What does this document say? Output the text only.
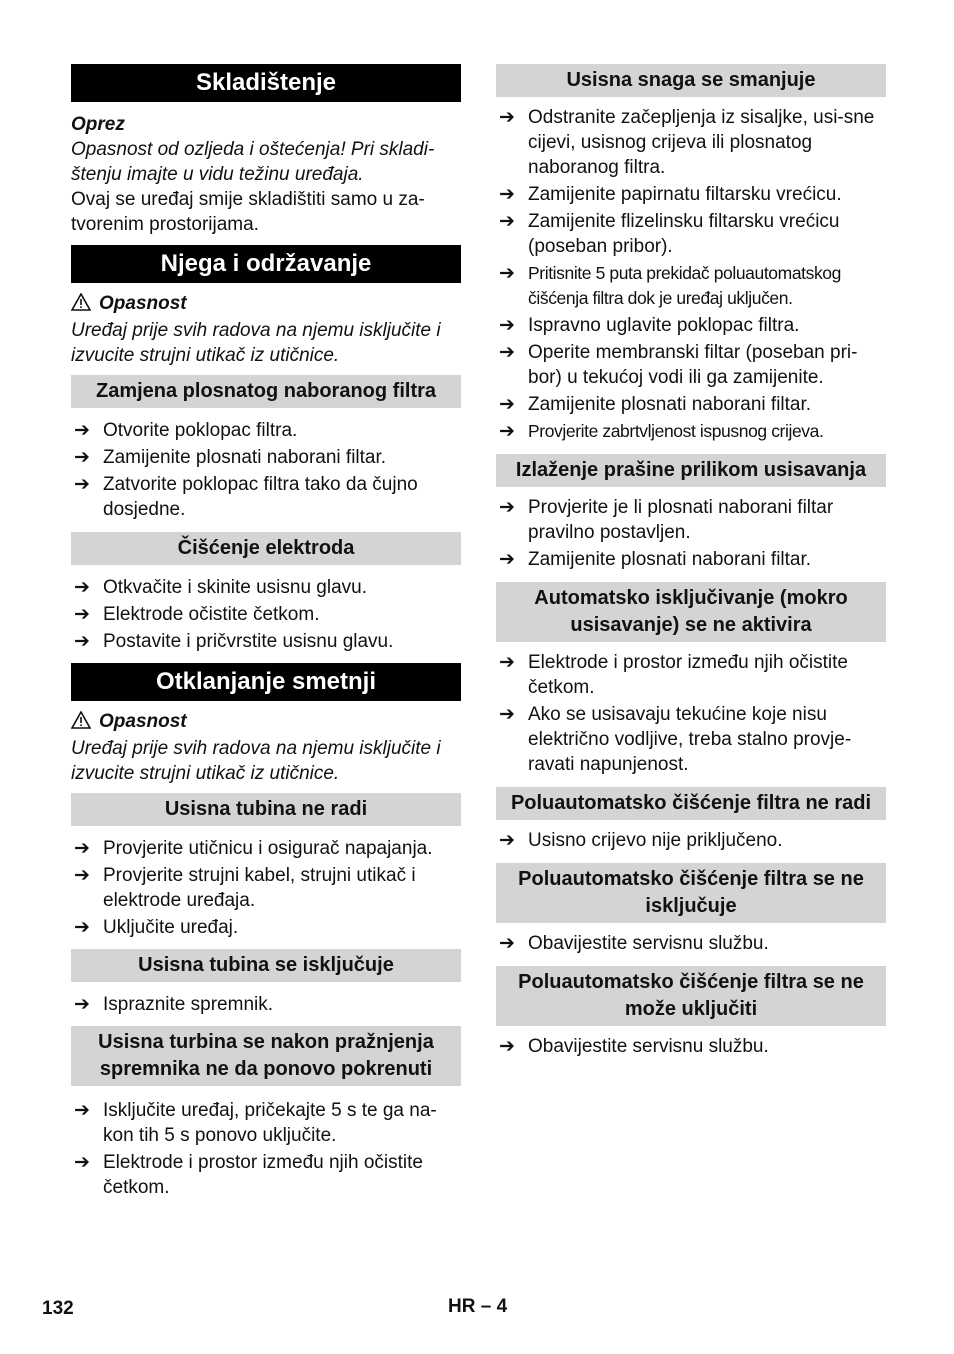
Skladištenje

Oprez

Opasnost od ozljeda i oštećenja! Pri skladi-štenju imajte u vidu težinu uređaja.

Ovaj se uređaj smije skladištiti samo u za-tvorenim prostorijama.

Njega i održavanje

Opasnost

Uređaj prije svih radova na njemu isključite i izvucite strujni utikač iz utičnice.

Zamjena plosnatog naboranog filtra
➔ Otvorite poklopac filtra.
➔ Zamijenite plosnati naborani filtar.
➔ Zatvorite poklopac filtra tako da čujno dosjedne.
Čišćenje elektroda
➔ Otkvačite i skinite usisnu glavu.
➔ Elektrode očistite četkom.
➔ Postavite i pričvrstite usisnu glavu.
Otklanjanje smetnji

Opasnost

Uređaj prije svih radova na njemu isključite i izvucite strujni utikač iz utičnice.

Usisna tubina ne radi
➔ Provjerite utičnicu i osigurač napajanja.
➔ Provjerite strujni kabel, strujni utikač i elektrode uređaja.
➔ Uključite uređaj.
Usisna tubina se isključuje
➔ Ispraznite spremnik.
Usisna turbina se nakon pražnjenja spremnika ne da ponovo pokrenuti
➔ Isključite uređaj, pričekajte 5 s te ga na-kon tih 5 s ponovo uključite.
➔ Elektrode i prostor između njih očistite četkom.
Usisna snaga se smanjuje
➔ Odstranite začepljenja iz sisaljke, usi-sne cijevi, usisnog crijeva ili plosnatog naboranog filtra.
➔ Zamijenite papirnatu filtarsku vrećicu.
➔ Zamijenite flizelinsku filtarsku vrećicu (poseban pribor).
➔ Pritisnite 5 puta prekidač poluautomatskog čišćenja filtra dok je uređaj uključen.
➔ Ispravno uglavite poklopac filtra.
➔ Operite membranski filtar (poseban pri-bor) u tekućoj vodi ili ga zamijenite.
➔ Zamijenite plosnati naborani filtar.
➔ Provjerite zabrtvljenost ispusnog crijeva.
Izlaženje prašine prilikom usisavanja
➔ Provjerite je li plosnati naborani filtar pravilno postavljen.
➔ Zamijenite plosnati naborani filtar.
Automatsko isključivanje (mokro usisavanje) se ne aktivira
➔ Elektrode i prostor između njih očistite četkom.
➔ Ako se usisavaju tekućine koje nisu električno vodljive, treba stalno provje-ravati napunjenost.
Poluautomatsko čišćenje filtra ne radi
➔ Usisno crijevo nije priključeno.
Poluautomatsko čišćenje filtra se ne isključuje
➔ Obavijestite servisnu službu.
Poluautomatsko čišćenje filtra se ne može uključiti
➔ Obavijestite servisnu službu.
132	HR – 4
